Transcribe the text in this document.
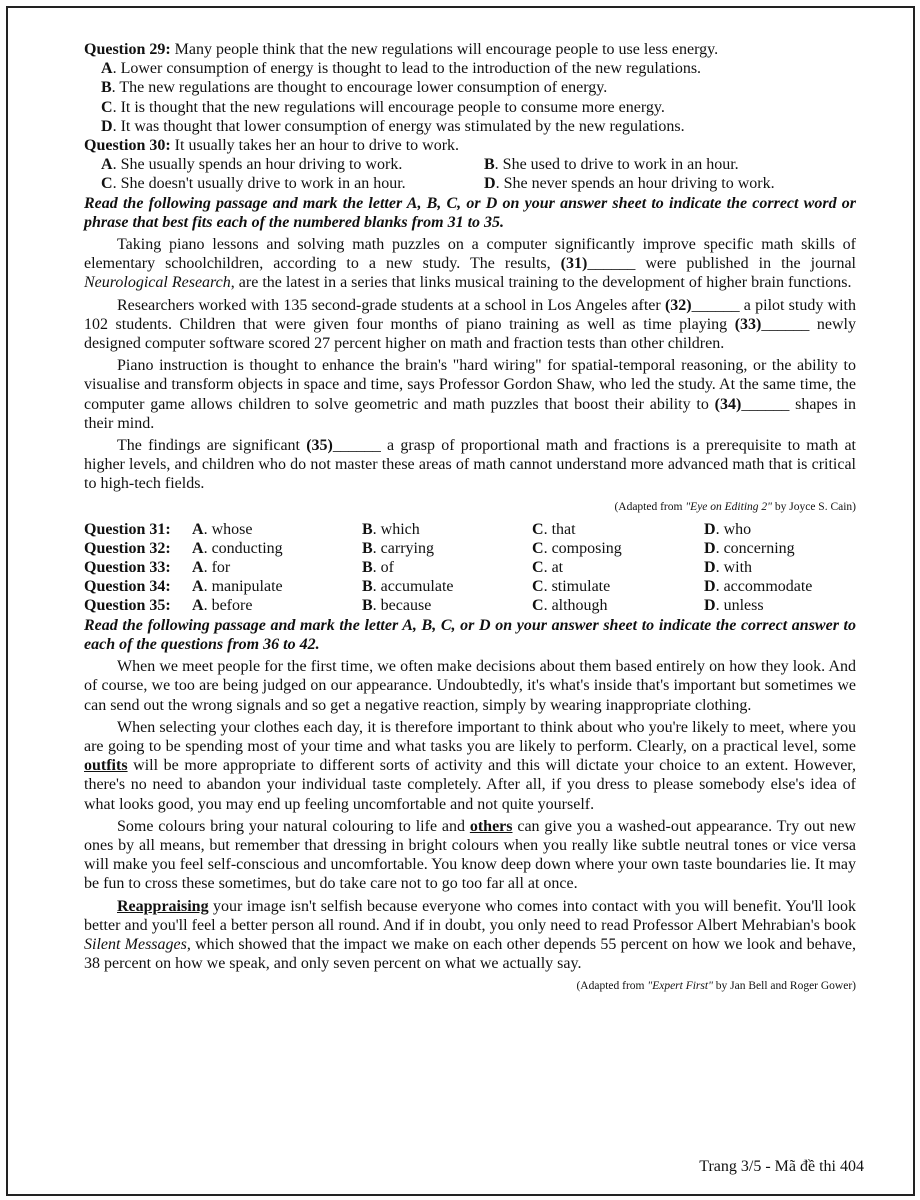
Question 29: Many people think that the new regulations will encourage people to use less energy.
A. Lower consumption of energy is thought to lead to the introduction of the new regulations.
B. The new regulations are thought to encourage lower consumption of energy.
C. It is thought that the new regulations will encourage people to consume more energy.
D. It was thought that lower consumption of energy was stimulated by the new regulations.
Question 30: It usually takes her an hour to drive to work.
A. She usually spends an hour driving to work.	B. She used to drive to work in an hour.
C. She doesn't usually drive to work in an hour.	D. She never spends an hour driving to work.

Read the following passage and mark the letter A, B, C, or D on your answer sheet to indicate the correct word or phrase that best fits each of the numbered blanks from 31 to 35.

Taking piano lessons and solving math puzzles on a computer significantly improve specific math skills of elementary schoolchildren, according to a new study. The results, (31)______ were published in the journal Neurological Research, are the latest in a series that links musical training to the development of higher brain functions.

Researchers worked with 135 second-grade students at a school in Los Angeles after (32)______ a pilot study with 102 students. Children that were given four months of piano training as well as time playing (33)______ newly designed computer software scored 27 percent higher on math and fraction tests than other children.

Piano instruction is thought to enhance the brain's "hard wiring" for spatial-temporal reasoning, or the ability to visualise and transform objects in space and time, says Professor Gordon Shaw, who led the study. At the same time, the computer game allows children to solve geometric and math puzzles that boost their ability to (34)______ shapes in their mind.

The findings are significant (35)______ a grasp of proportional math and fractions is a prerequisite to math at higher levels, and children who do not master these areas of math cannot understand more advanced math that is critical to high-tech fields.

(Adapted from "Eye on Editing 2" by Joyce S. Cain)
Question 31:	A. whose	B. which	C. that	D. who
Question 32:	A. conducting	B. carrying	C. composing	D. concerning
Question 33:	A. for	B. of	C. at	D. with
Question 34:	A. manipulate	B. accumulate	C. stimulate	D. accommodate
Question 35:	A. before	B. because	C. although	D. unless

Read the following passage and mark the letter A, B, C, or D on your answer sheet to indicate the correct answer to each of the questions from 36 to 42.

When we meet people for the first time, we often make decisions about them based entirely on how they look. And of course, we too are being judged on our appearance. Undoubtedly, it's what's inside that's important but sometimes we can send out the wrong signals and so get a negative reaction, simply by wearing inappropriate clothing.

When selecting your clothes each day, it is therefore important to think about who you're likely to meet, where you are going to be spending most of your time and what tasks you are likely to perform. Clearly, on a practical level, some outfits will be more appropriate to different sorts of activity and this will dictate your choice to an extent. However, there's no need to abandon your individual taste completely. After all, if you dress to please somebody else's idea of what looks good, you may end up feeling uncomfortable and not quite yourself.

Some colours bring your natural colouring to life and others can give you a washed-out appearance. Try out new ones by all means, but remember that dressing in bright colours when you really like subtle neutral tones or vice versa will make you feel self-conscious and uncomfortable. You know deep down where your own taste boundaries lie. It may be fun to cross these sometimes, but do take care not to go too far all at once.

Reappraising your image isn't selfish because everyone who comes into contact with you will benefit. You'll look better and you'll feel a better person all round. And if in doubt, you only need to read Professor Albert Mehrabian's book Silent Messages, which showed that the impact we make on each other depends 55 percent on how we look and behave, 38 percent on how we speak, and only seven percent on what we actually say.

(Adapted from "Expert First" by Jan Bell and Roger Gower)
Trang 3/5 - Mã đề thi 404
